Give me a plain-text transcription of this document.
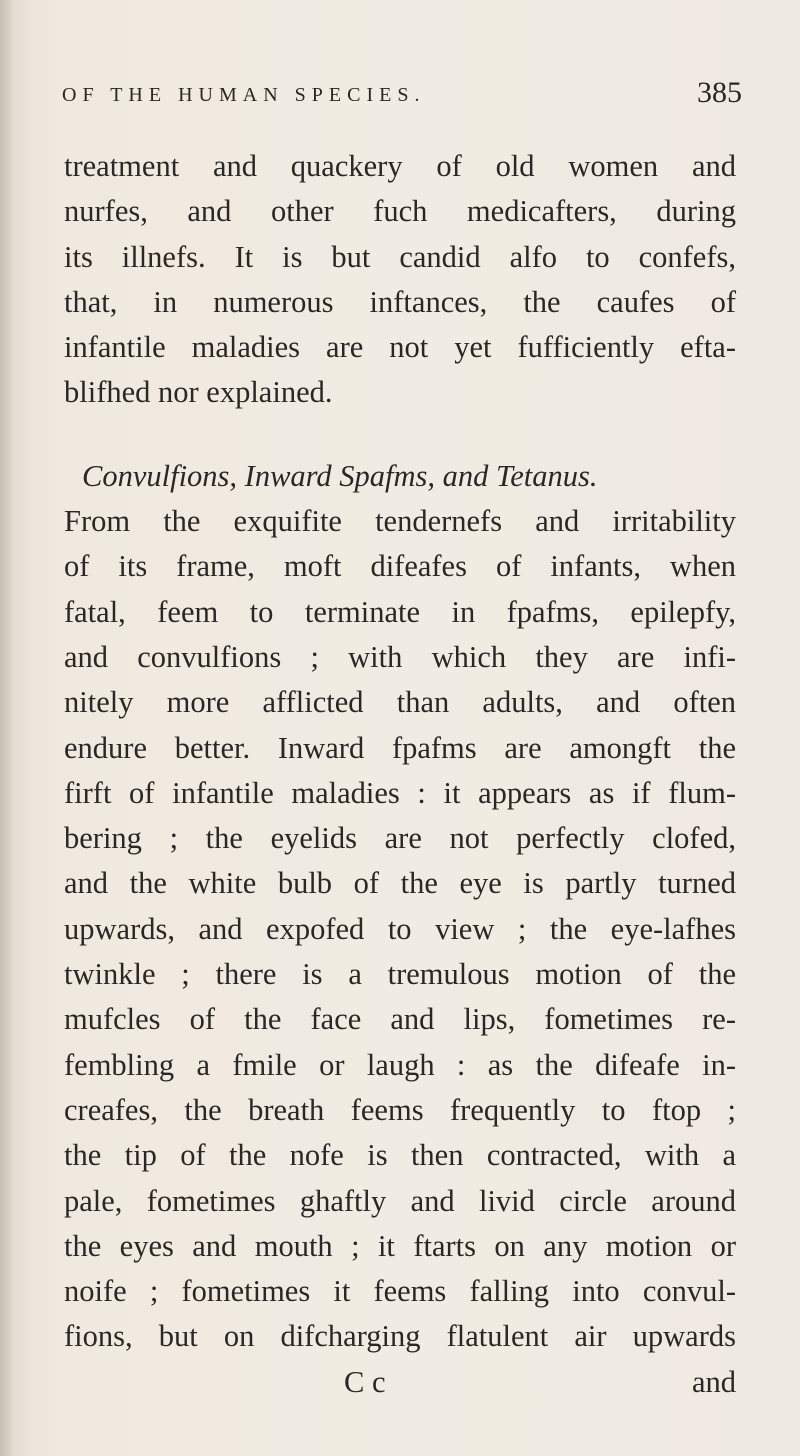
OF THE HUMAN SPECIES.	385
treatment and quackery of old women and
nurfes, and other fuch medicafters, during
its illnefs. It is but candid alfo to confefs,
that, in numerous inftances, the caufes of
infantile maladies are not yet fufficiently efta-
blifhed nor explained.
Convulfions, Inward Spafms, and Tetanus.
From the exquifite tendernefs and irritability
of its frame, moft difeafes of infants, when
fatal, feem to terminate in fpafms, epilepfy,
and convulfions ; with which they are infi-
nitely more afflicted than adults, and often
endure better. Inward fpafms are amongft the
firft of infantile maladies : it appears as if flum-
bering ; the eyelids are not perfectly clofed,
and the white bulb of the eye is partly turned
upwards, and expofed to view ; the eye-lafhes
twinkle ; there is a tremulous motion of the
mufcles of the face and lips, fometimes re-
fembling a fmile or laugh : as the difeafe in-
creafes, the breath feems frequently to ftop ;
the tip of the nofe is then contracted, with a
pale, fometimes ghaftly and livid circle around
the eyes and mouth ; it ftarts on any motion or
noife ; fometimes it feems falling into convul-
fions, but on difcharging flatulent air upwards
C c	and
